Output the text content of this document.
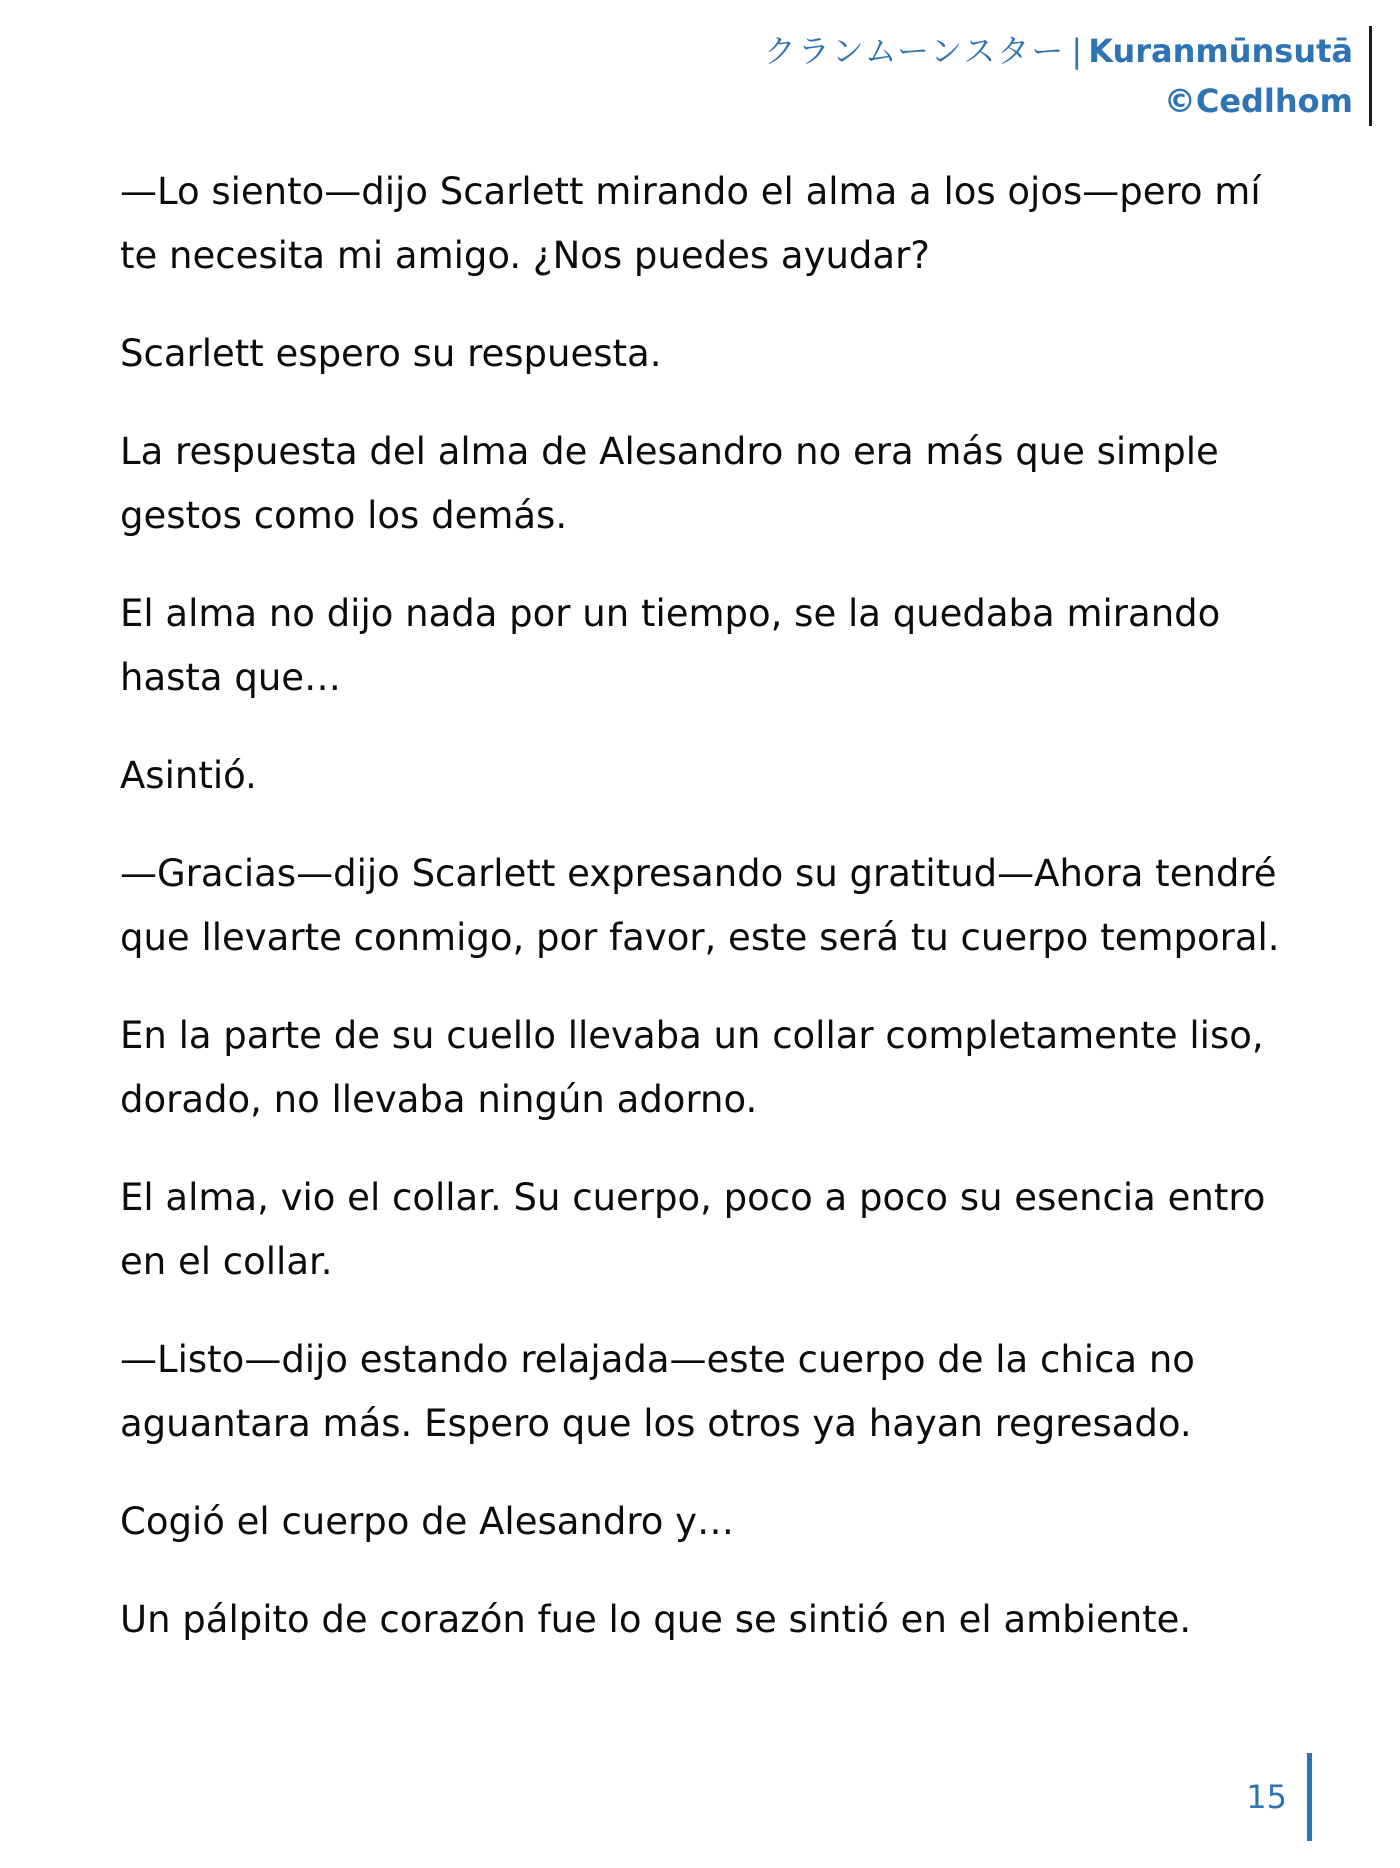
クランムーンスター | Kuranmūnsutā
©Cedlhom

—Lo siento—dijo Scarlett mirando el alma a los ojos—pero mí te necesita mi amigo. ¿Nos puedes ayudar?

Scarlett espero su respuesta.

La respuesta del alma de Alesandro no era más que simple gestos como los demás.

El alma no dijo nada por un tiempo, se la quedaba mirando hasta que…

Asintió.

—Gracias—dijo Scarlett expresando su gratitud—Ahora tendré que llevarte conmigo, por favor, este será tu cuerpo temporal.

En la parte de su cuello llevaba un collar completamente liso, dorado, no llevaba ningún adorno.

El alma, vio el collar. Su cuerpo, poco a poco su esencia entro en el collar.

—Listo—dijo estando relajada—este cuerpo de la chica no aguantara más. Espero que los otros ya hayan regresado.

Cogió el cuerpo de Alesandro y…

Un pálpito de corazón fue lo que se sintió en el ambiente.

15
